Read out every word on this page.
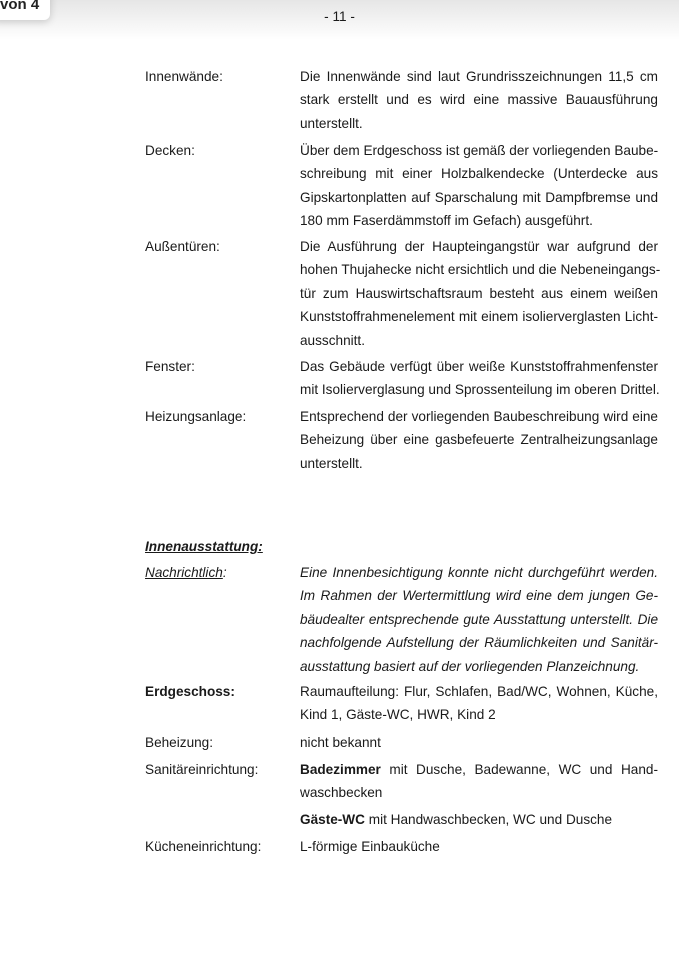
von 4
- 11 -
Innenwände:	Die Innenwände sind laut Grundrisszeichnungen 11,5 cm
stark erstellt und es wird eine massive Bauausführung
unterstellt.
Decken:	Über dem Erdgeschoss ist gemäß der vorliegenden Baube-
schreibung mit einer Holzbalkendecke (Unterdecke aus
Gipskartonplatten auf Sparschalung mit Dampfbremse und
180 mm Faserdämmstoff im Gefach) ausgeführt.
Außentüren:	Die Ausführung der Haupteingangstür war aufgrund der
hohen Thujahecke nicht ersichtlich und die Nebeneingangs-
tür zum Hauswirtschaftsraum besteht aus einem weißen
Kunststoffrahmenelement mit einem isolierverglasten Licht-
ausschnitt.
Fenster:	Das Gebäude verfügt über weiße Kunststoffrahmenfenster
mit Isolierverglasung und Sprossenteilung im oberen Drittel.
Heizungsanlage:	Entsprechend der vorliegenden Baubeschreibung wird eine
Beheizung über eine gasbefeuerte Zentralheizungsanlage
unterstellt.
Innenausstattung:
Nachrichtlich:	Eine Innenbesichtigung konnte nicht durchgeführt werden.
Im Rahmen der Wertermittlung wird eine dem jungen Ge-
bäudealter entsprechende gute Ausstattung unterstellt. Die
nachfolgende Aufstellung der Räumlichkeiten und Sanitär-
ausstattung basiert auf der vorliegenden Planzeichnung.
Erdgeschoss:	Raumaufteilung: Flur, Schlafen, Bad/WC, Wohnen, Küche,
Kind 1, Gäste-WC, HWR, Kind 2
Beheizung:	nicht bekannt
Sanitäreinrichtung:	Badezimmer mit Dusche, Badewanne, WC und Hand-
waschbecken
Gäste-WC mit Handwaschbecken, WC und Dusche
Kücheneinrichtung:	L-förmige Einbauküche
